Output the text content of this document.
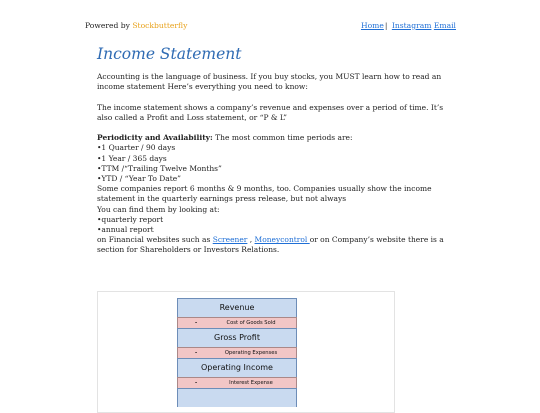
Powered by Stockbutterfly	Home| Instagram Email
Income Statement

Accounting is the language of business. If you buy stocks, you MUST learn how to read an income statement Here’s everything you need to know:

The income statement shows a company’s revenue and expenses over a period of time. It’s also called a Profit and Loss statement, or “P & L”

Periodicity and Availability: The most common time periods are:

•1 Quarter / 90 days

•1 Year / 365 days

•TTM /“Trailing Twelve Months”

•YTD / “Year To Date”

Some companies report 6 months & 9 months, too. Companies usually show the income statement in the quarterly earnings press release, but not always

You can find them by looking at:

•quarterly report

•annual report

on Financial websites such as Screener , Moneycontrol or on Company’s website there is a section for Shareholders or Investors Relations.

Revenue
-	Cost of Goods Sold
Gross Profit
-	Operating Expenses
Operating Income
-	Interest Expense
